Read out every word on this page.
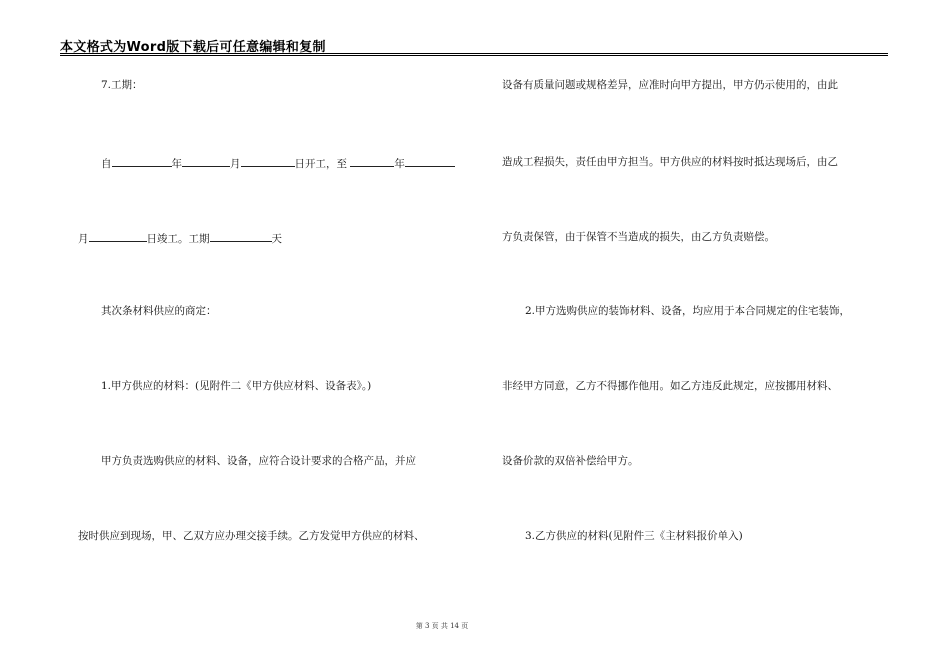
本文格式为Word版下载后可任意编辑和复制
7.工期：
自	年	月	日开工，至	年
月	日竣工。工期	天
其次条材料供应的商定：
1.甲方供应的材料：(见附件二《甲方供应材料、设备表》。)
甲方负责选购供应的材料、设备，应符合设计要求的合格产品，并应
按时供应到现场，甲、乙双方应办理交接手续。乙方发觉甲方供应的材料、
设备有质量问题或规格差异，应准时向甲方提出，甲方仍示使用的，由此
造成工程损失，责任由甲方担当。甲方供应的材料按时抵达现场后，由乙
方负责保管，由于保管不当造成的损失，由乙方负责赔偿。
2.甲方选购供应的装饰材料、设备，均应用于本合同规定的住宅装饰，
非经甲方同意，乙方不得挪作他用。如乙方违反此规定，应按挪用材料、
设备价款的双倍补偿给甲方。
3.乙方供应的材料(见附件三《主材料报价单入)
第 3 页 共 14 页
